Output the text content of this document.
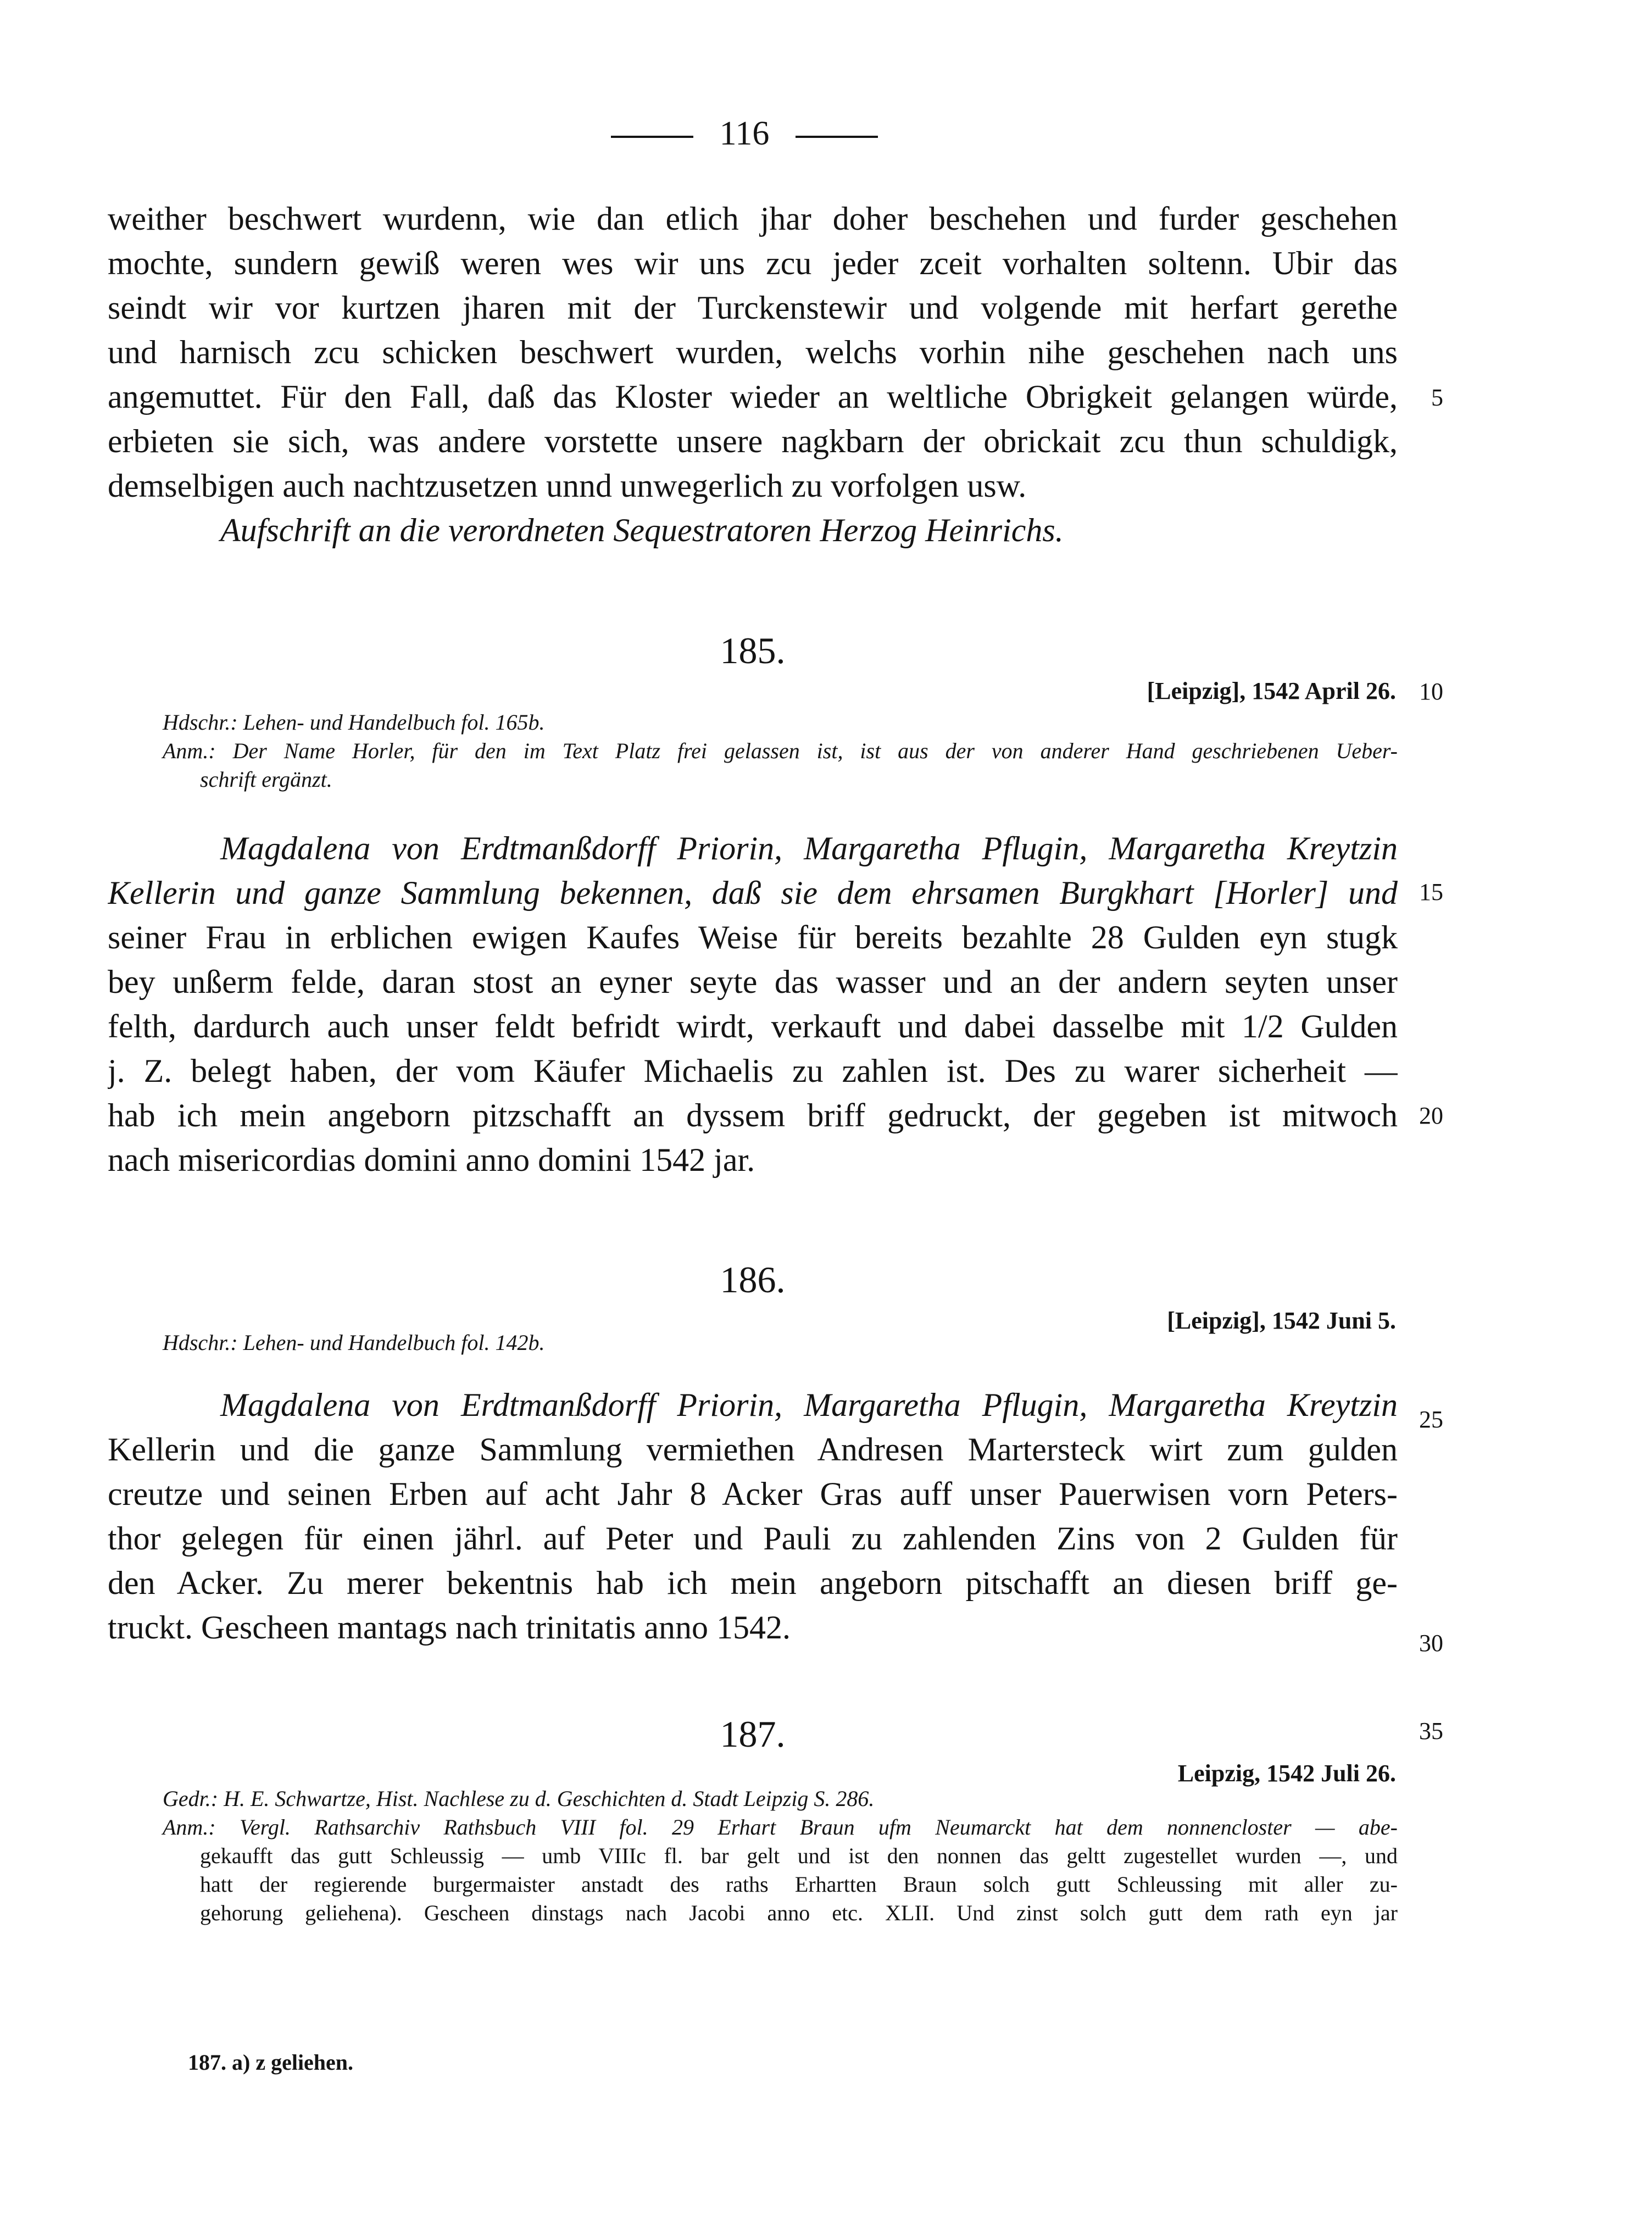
116
weither beschwert wurdenn, wie dan etlich jhar doher beschehen und furder geschehen
mochte, sundern gewiß weren wes wir uns zcu jeder zceit vorhalten soltenn. Ubir das
seindt wir vor kurtzen jharen mit der Turckenstewir und volgende mit herfart gerethe
und harnisch zcu schicken beschwert wurden, welchs vorhin nihe geschehen nach uns
angemuttet. Für den Fall, daß das Kloster wieder an weltliche Obrigkeit gelangen würde,
erbieten sie sich, was andere vorstette unsere nagkbarn der obrickait zcu thun schuldigk,
demselbigen auch nachtzusetzen unnd unwegerlich zu vorfolgen usw.
Aufschrift an die verordneten Sequestratoren Herzog Heinrichs.
5
10
15
20
25
30
35
185.
[Leipzig], 1542 April 26.
Hdschr.: Lehen- und Handelbuch fol. 165b.
Anm.: Der Name Horler, für den im Text Platz frei gelassen ist, ist aus der von anderer Hand geschriebenen Ueber-
schrift ergänzt.
Magdalena von Erdtmanßdorff Priorin, Margaretha Pflugin, Margaretha Kreytzin
Kellerin und ganze Sammlung bekennen, daß sie dem ehrsamen Burgkhart [Horler] und
seiner Frau in erblichen ewigen Kaufes Weise für bereits bezahlte 28 Gulden eyn stugk
bey unßerm felde, daran stost an eyner seyte das wasser und an der andern seyten unser
felth, dardurch auch unser feldt befridt wirdt, verkauft und dabei dasselbe mit 1/2 Gulden
j. Z. belegt haben, der vom Käufer Michaelis zu zahlen ist. Des zu warer sicherheit —
hab ich mein angeborn pitzschafft an dyssem briff gedruckt, der gegeben ist mitwoch
nach misericordias domini anno domini 1542 jar.
186.
[Leipzig], 1542 Juni 5.
Hdschr.: Lehen- und Handelbuch fol. 142b.
Magdalena von Erdtmanßdorff Priorin, Margaretha Pflugin, Margaretha Kreytzin
Kellerin und die ganze Sammlung vermiethen Andresen Martersteck wirt zum gulden
creutze und seinen Erben auf acht Jahr 8 Acker Gras auff unser Pauerwisen vorn Peters-
thor gelegen für einen jährl. auf Peter und Pauli zu zahlenden Zins von 2 Gulden für
den Acker. Zu merer bekentnis hab ich mein angeborn pitschafft an diesen briff ge-
truckt. Gescheen mantags nach trinitatis anno 1542.
187.
Leipzig, 1542 Juli 26.
Gedr.: H. E. Schwartze, Hist. Nachlese zu d. Geschichten d. Stadt Leipzig S. 286.
Anm.: Vergl. Rathsarchiv Rathsbuch VIII fol. 29 Erhart Braun ufm Neumarckt hat dem nonnencloster — abe-
gekaufft das gutt Schleussig — umb VIIIc fl. bar gelt und ist den nonnen das geltt zugestellet wurden —, und
hatt der regierende burgermaister anstadt des raths Erhartten Braun solch gutt Schleussing mit aller zu-
gehorung geliehena). Gescheen dinstags nach Jacobi anno etc. XLII. Und zinst solch gutt dem rath eyn jar
187. a) z geliehen.
